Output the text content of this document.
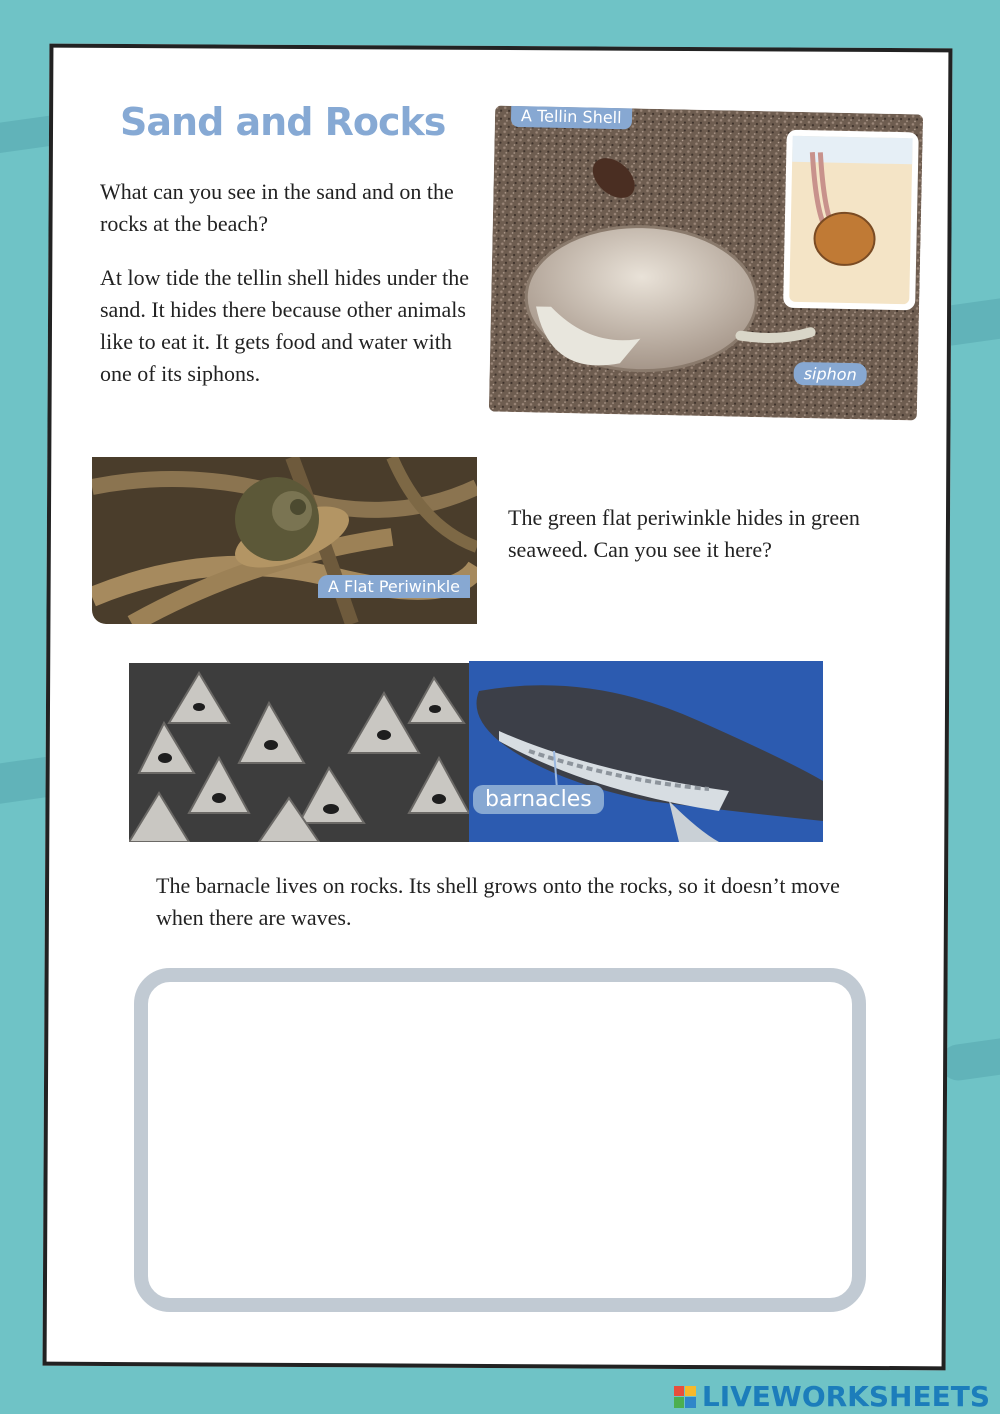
Sand and Rocks

What can you see in the sand and on the rocks at the beach?

At low tide the tellin shell hides under the sand. It hides there because other animals like to eat it. It gets food and water with one of its siphons.

A Tellin Shell
siphon
A Flat Periwinkle

The green flat periwinkle hides in green seaweed. Can you see it here?

barnacles

The barnacle lives on rocks. Its shell grows onto the rocks, so it doesn’t move when there are waves.

LIVEWORKSHEETS
